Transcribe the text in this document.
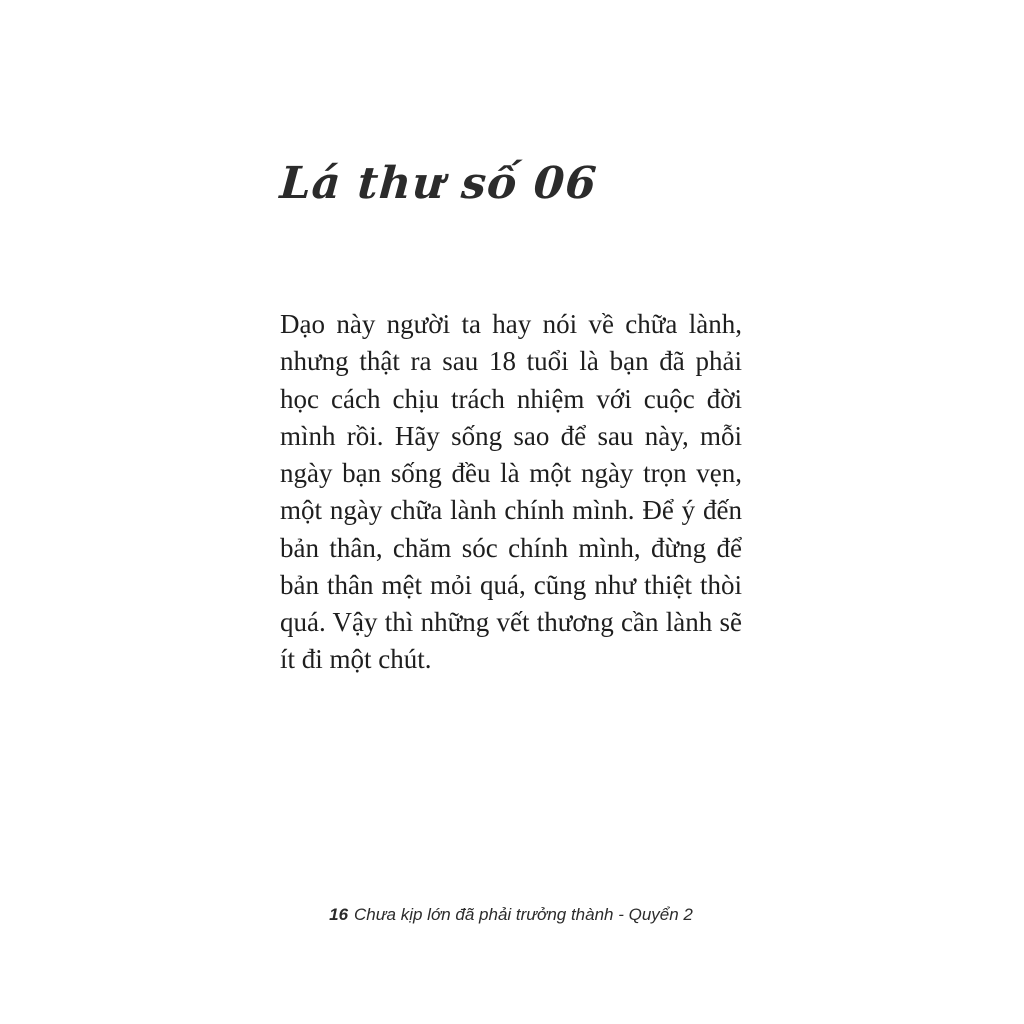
Lá thư số 06

Dạo này người ta hay nói về chữa lành, nhưng thật ra sau 18 tuổi là bạn đã phải học cách chịu trách nhiệm với cuộc đời mình rồi. Hãy sống sao để sau này, mỗi ngày bạn sống đều là một ngày trọn vẹn, một ngày chữa lành chính mình. Để ý đến bản thân, chăm sóc chính mình, đừng để bản thân mệt mỏi quá, cũng như thiệt thòi quá. Vậy thì những vết thương cần lành sẽ ít đi một chút.

16 Chưa kịp lớn đã phải trưởng thành - Quyển 2
